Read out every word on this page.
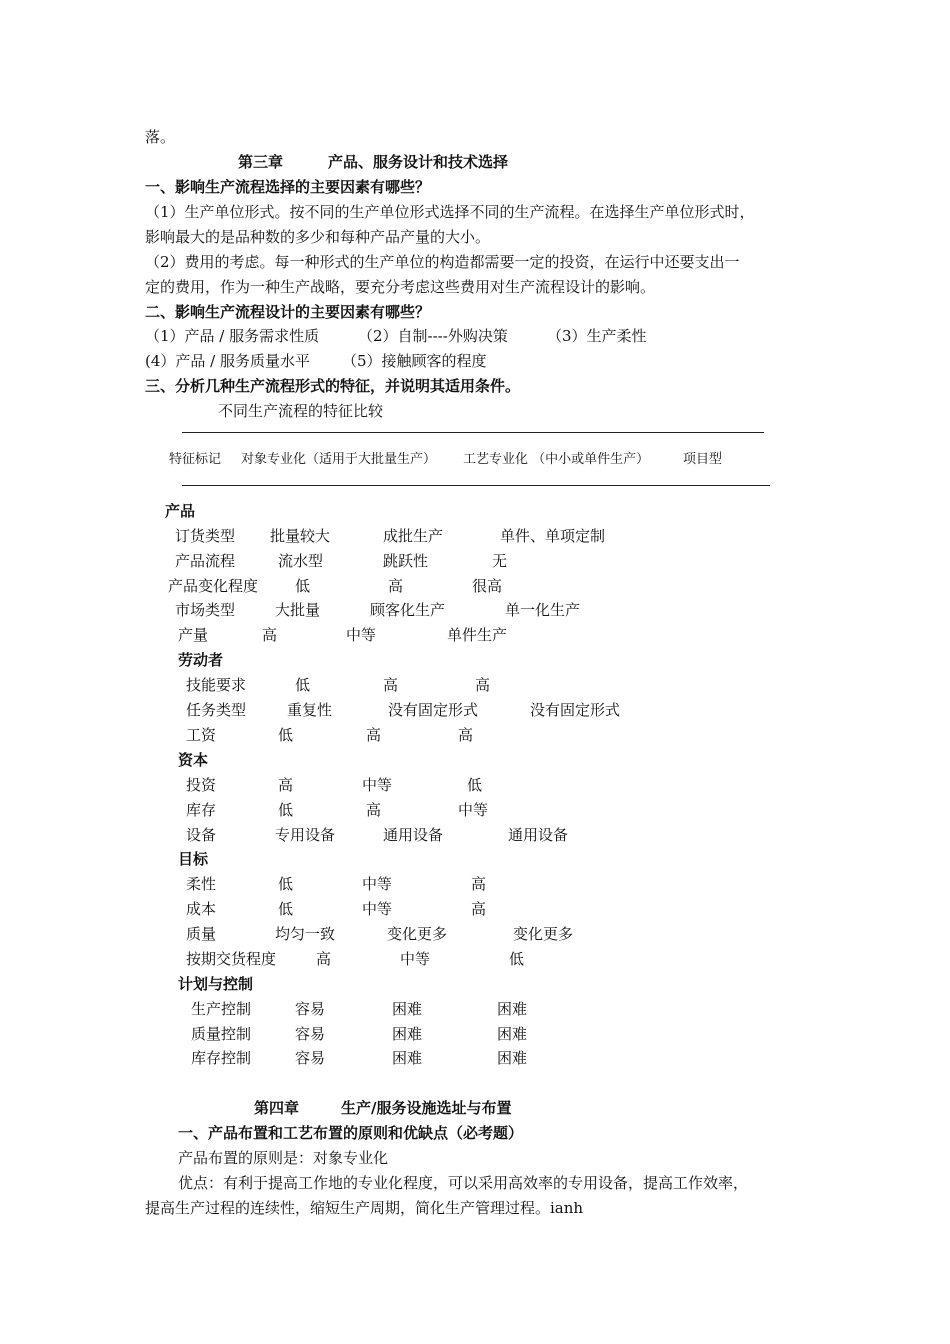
落。
第三章	产品、服务设计和技术选择
一、影响生产流程选择的主要因素有哪些？
（1）生产单位形式。按不同的生产单位形式选择不同的生产流程。在选择生产单位形式时，
影响最大的是品种数的多少和每种产品产量的大小。
（2）费用的考虑。每一种形式的生产单位的构造都需要一定的投资，在运行中还要支出一
定的费用，作为一种生产战略，要充分考虑这些费用对生产流程设计的影响。
二、影响生产流程设计的主要因素有哪些？
（1）产品 / 服务需求性质	（2）自制----外购决策	（3）生产柔性
(4）产品 / 服务质量水平 （5）接触顾客的程度
三、分析几种生产流程形式的特征，并说明其适用条件。
不同生产流程的特征比较
特征标记 对象专业化（适用于大批量生产） 工艺专业化 （中小或单件生产）	项目型
产品
订货类型 批量较大	成批生产	单件、单项定制
产品流程	流水型	跳跃性	无
产品变化程度 低	高	很高
市场类型	大批量	顾客化生产	单一化生产
产量	高	中等	单件生产
劳动者
技能要求	低	高	高
任务类型	重复性	没有固定形式	没有固定形式
工资	低	高	高
资本
投资	高	中等	低
库存	低	高	中等
设备	专用设备	通用设备	通用设备
目标
柔性	低	中等	高
成本	低	中等	高
质量	均匀一致	变化更多	变化更多
按期交货程度	高	中等	低
计划与控制
生产控制	容易	困难	困难
质量控制	容易	困难	困难
库存控制	容易	困难	困难
第四章	生产/服务设施选址与布置
一、产品布置和工艺布置的原则和优缺点（必考题）
产品布置的原则是：对象专业化
优点：有利于提高工作地的专业化程度，可以采用高效率的专用设备，提高工作效率，
提高生产过程的连续性，缩短生产周期，简化生产管理过程。ianh
